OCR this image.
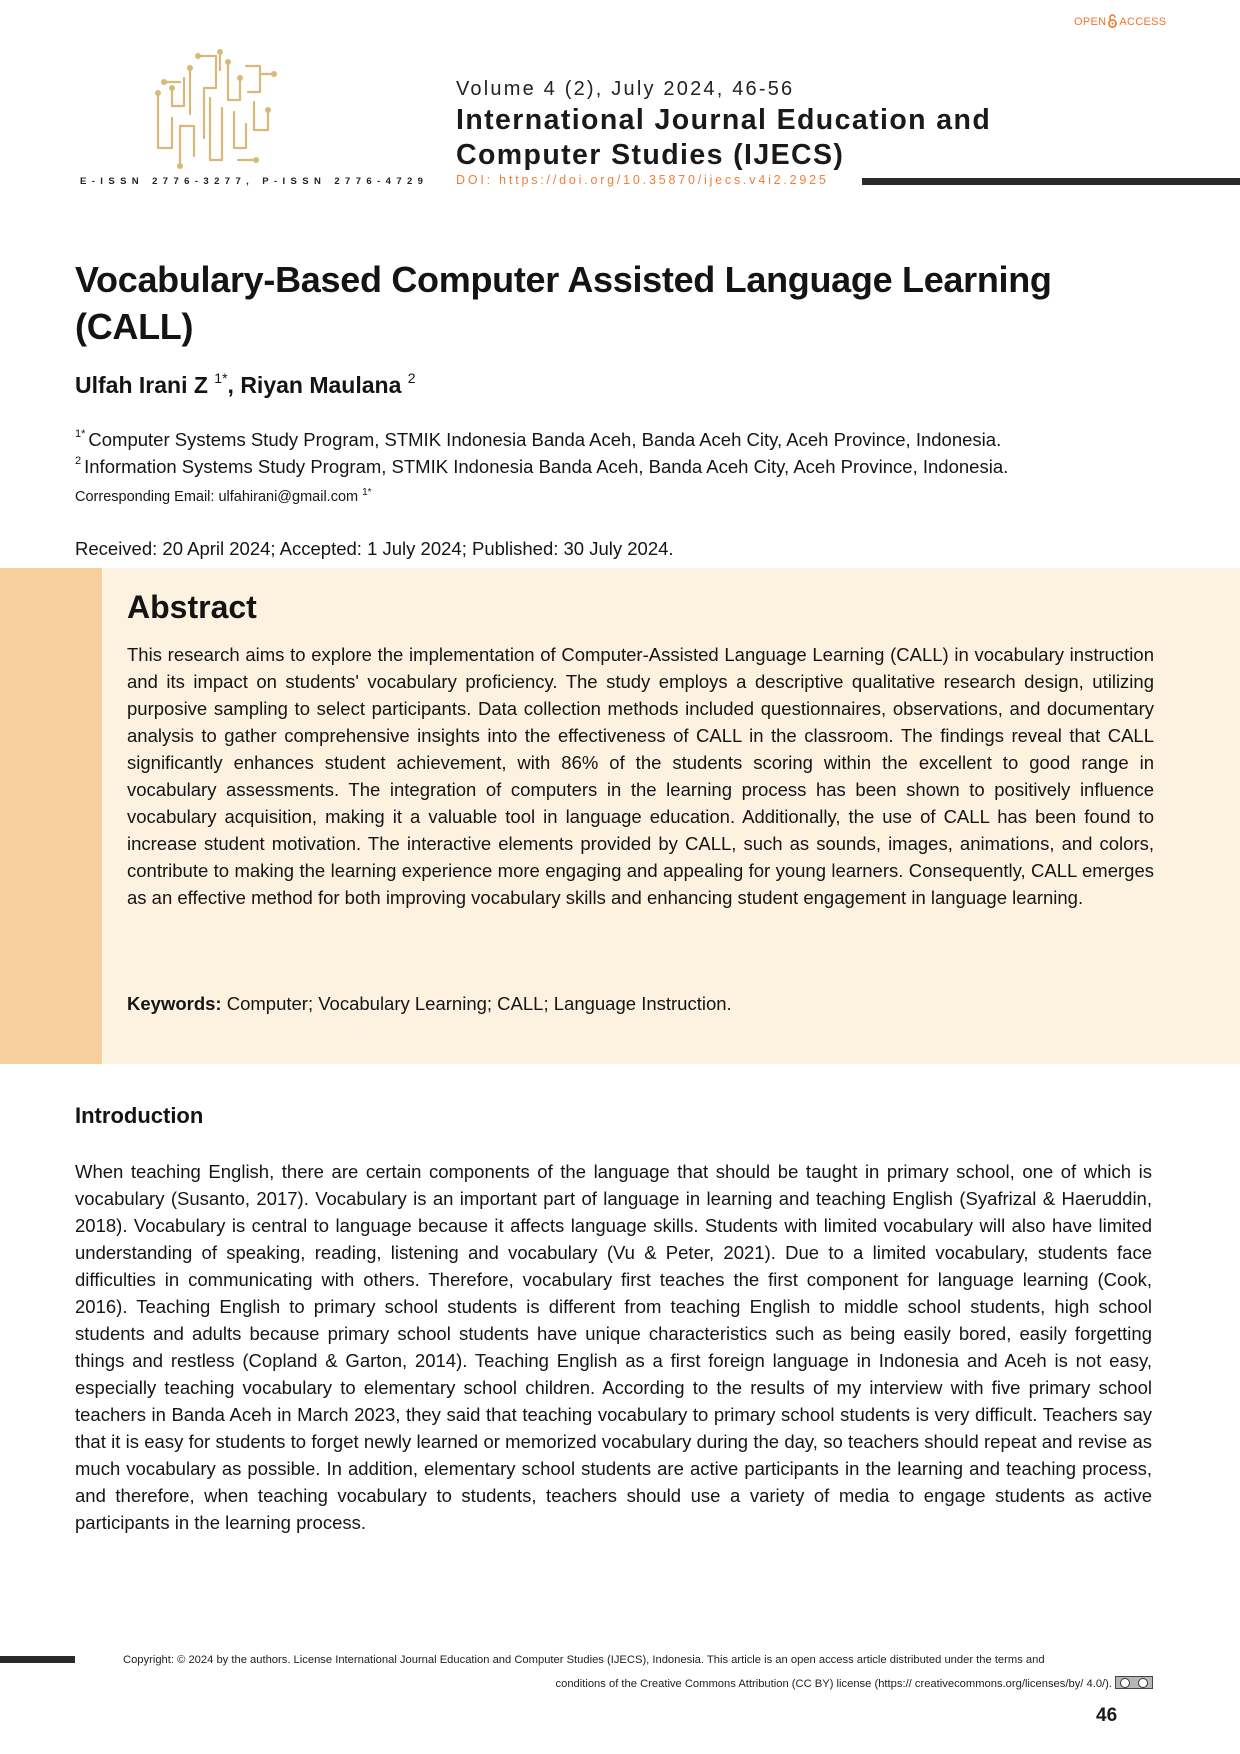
OPEN ACCESS
E-ISSN 2776-3277, P-ISSN 2776-4729
Volume 4 (2), July 2024, 46-56
International Journal Education and Computer Studies (IJECS)
DOI: https://doi.org/10.35870/ijecs.v4i2.2925
Vocabulary-Based Computer Assisted Language Learning (CALL)
Ulfah Irani Z $^{1*}$, Riyan Maulana $^2$
$^{1*}$ Computer Systems Study Program, STMIK Indonesia Banda Aceh, Banda Aceh City, Aceh Province, Indonesia.
$^2$ Information Systems Study Program, STMIK Indonesia Banda Aceh, Banda Aceh City, Aceh Province, Indonesia.
Corresponding Email: ulfahirani@gmail.com $^{1*}$
Received: 20 April 2024; Accepted: 1 July 2024; Published: 30 July 2024.
Abstract

This research aims to explore the implementation of Computer-Assisted Language Learning (CALL) in vocabulary instruction and its impact on students' vocabulary proficiency. The study employs a descriptive qualitative research design, utilizing purposive sampling to select participants. Data collection methods included questionnaires, observations, and documentary analysis to gather comprehensive insights into the effectiveness of CALL in the classroom. The findings reveal that CALL significantly enhances student achievement, with 86% of the students scoring within the excellent to good range in vocabulary assessments. The integration of computers in the learning process has been shown to positively influence vocabulary acquisition, making it a valuable tool in language education. Additionally, the use of CALL has been found to increase student motivation. The interactive elements provided by CALL, such as sounds, images, animations, and colors, contribute to making the learning experience more engaging and appealing for young learners. Consequently, CALL emerges as an effective method for both improving vocabulary skills and enhancing student engagement in language learning.

Keywords: Computer; Vocabulary Learning; CALL; Language Instruction.
Introduction

When teaching English, there are certain components of the language that should be taught in primary school, one of which is vocabulary (Susanto, 2017). Vocabulary is an important part of language in learning and teaching English (Syafrizal & Haeruddin, 2018). Vocabulary is central to language because it affects language skills. Students with limited vocabulary will also have limited understanding of speaking, reading, listening and vocabulary (Vu & Peter, 2021). Due to a limited vocabulary, students face difficulties in communicating with others. Therefore, vocabulary first teaches the first component for language learning (Cook, 2016). Teaching English to primary school students is different from teaching English to middle school students, high school students and adults because primary school students have unique characteristics such as being easily bored, easily forgetting things and restless (Copland & Garton, 2014). Teaching English as a first foreign language in Indonesia and Aceh is not easy, especially teaching vocabulary to elementary school children. According to the results of my interview with five primary school teachers in Banda Aceh in March 2023, they said that teaching vocabulary to primary school students is very difficult. Teachers say that it is easy for students to forget newly learned or memorized vocabulary during the day, so teachers should repeat and revise as much vocabulary as possible. In addition, elementary school students are active participants in the learning and teaching process, and therefore, when teaching vocabulary to students, teachers should use a variety of media to engage students as active participants in the learning process.

Copyright: © 2024 by the authors. License International Journal Education and Computer Studies (IJECS), Indonesia. This article is an open access article distributed under the terms and
conditions of the Creative Commons Attribution (CC BY) license (https:// creativecommons.org/licenses/by/ 4.0/).
46
